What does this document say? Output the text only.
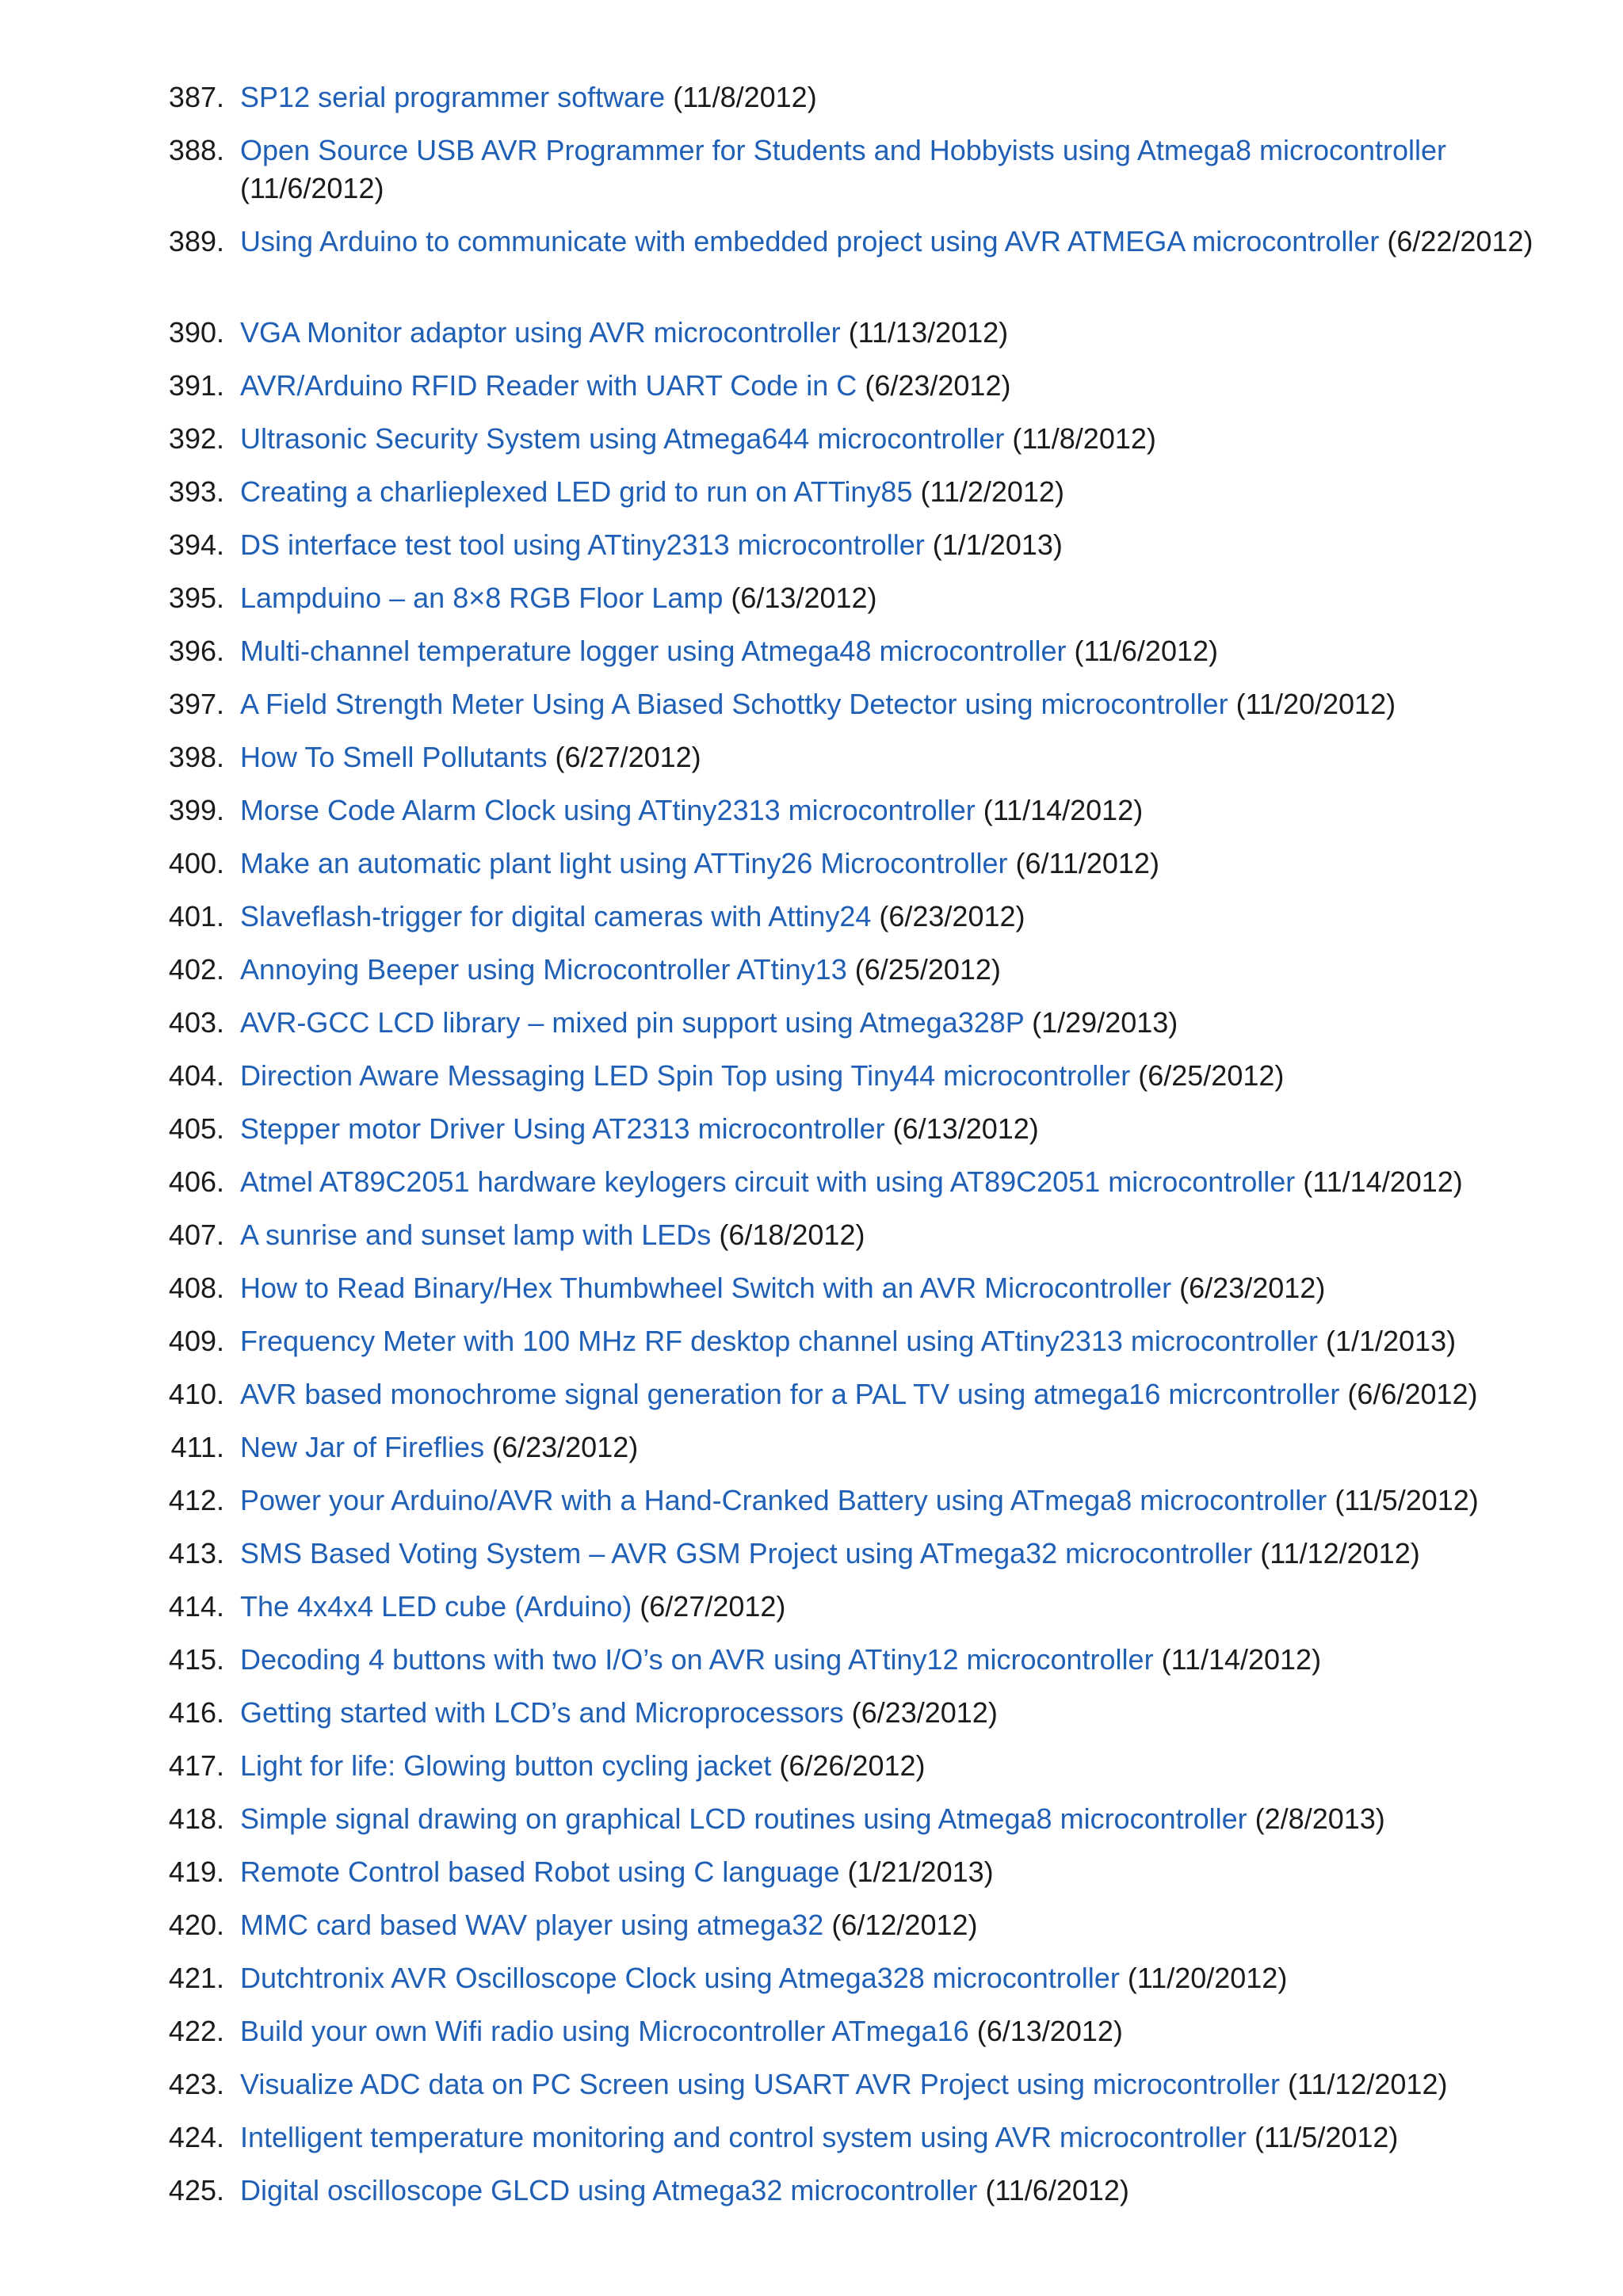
387. SP12 serial programmer software (11/8/2012)
388. Open Source USB AVR Programmer for Students and Hobbyists using Atmega8 microcontroller (11/6/2012)
389. Using Arduino to communicate with embedded project using AVR ATMEGA microcontroller (6/22/2012)
390. VGA Monitor adaptor using AVR microcontroller (11/13/2012)
391. AVR/Arduino RFID Reader with UART Code in C (6/23/2012)
392. Ultrasonic Security System using Atmega644 microcontroller (11/8/2012)
393. Creating a charlieplexed LED grid to run on ATTiny85 (11/2/2012)
394. DS interface test tool using ATtiny2313 microcontroller (1/1/2013)
395. Lampduino – an 8×8 RGB Floor Lamp (6/13/2012)
396. Multi-channel temperature logger using Atmega48 microcontroller (11/6/2012)
397. A Field Strength Meter Using A Biased Schottky Detector using microcontroller (11/20/2012)
398. How To Smell Pollutants (6/27/2012)
399. Morse Code Alarm Clock using ATtiny2313 microcontroller (11/14/2012)
400. Make an automatic plant light using ATTiny26 Microcontroller (6/11/2012)
401. Slaveflash-trigger for digital cameras with Attiny24 (6/23/2012)
402. Annoying Beeper using Microcontroller ATtiny13 (6/25/2012)
403. AVR-GCC LCD library – mixed pin support using Atmega328P (1/29/2013)
404. Direction Aware Messaging LED Spin Top using Tiny44 microcontroller (6/25/2012)
405. Stepper motor Driver Using AT2313 microcontroller (6/13/2012)
406. Atmel AT89C2051 hardware keylogers circuit with using AT89C2051 microcontroller (11/14/2012)
407. A sunrise and sunset lamp with LEDs (6/18/2012)
408. How to Read Binary/Hex Thumbwheel Switch with an AVR Microcontroller (6/23/2012)
409. Frequency Meter with 100 MHz RF desktop channel using ATtiny2313 microcontroller (1/1/2013)
410. AVR based monochrome signal generation for a PAL TV using atmega16 micrcontroller (6/6/2012)
411. New Jar of Fireflies (6/23/2012)
412. Power your Arduino/AVR with a Hand-Cranked Battery using ATmega8 microcontroller (11/5/2012)
413. SMS Based Voting System – AVR GSM Project using ATmega32 microcontroller (11/12/2012)
414. The 4x4x4 LED cube (Arduino) (6/27/2012)
415. Decoding 4 buttons with two I/O’s on AVR using ATtiny12 microcontroller (11/14/2012)
416. Getting started with LCD’s and Microprocessors (6/23/2012)
417. Light for life: Glowing button cycling jacket (6/26/2012)
418. Simple signal drawing on graphical LCD routines using Atmega8 microcontroller (2/8/2013)
419. Remote Control based Robot using C language (1/21/2013)
420. MMC card based WAV player using atmega32 (6/12/2012)
421. Dutchtronix AVR Oscilloscope Clock using Atmega328 microcontroller (11/20/2012)
422. Build your own Wifi radio using Microcontroller ATmega16 (6/13/2012)
423. Visualize ADC data on PC Screen using USART AVR Project using microcontroller (11/12/2012)
424. Intelligent temperature monitoring and control system using AVR microcontroller (11/5/2012)
425. Digital oscilloscope GLCD using Atmega32 microcontroller (11/6/2012)
